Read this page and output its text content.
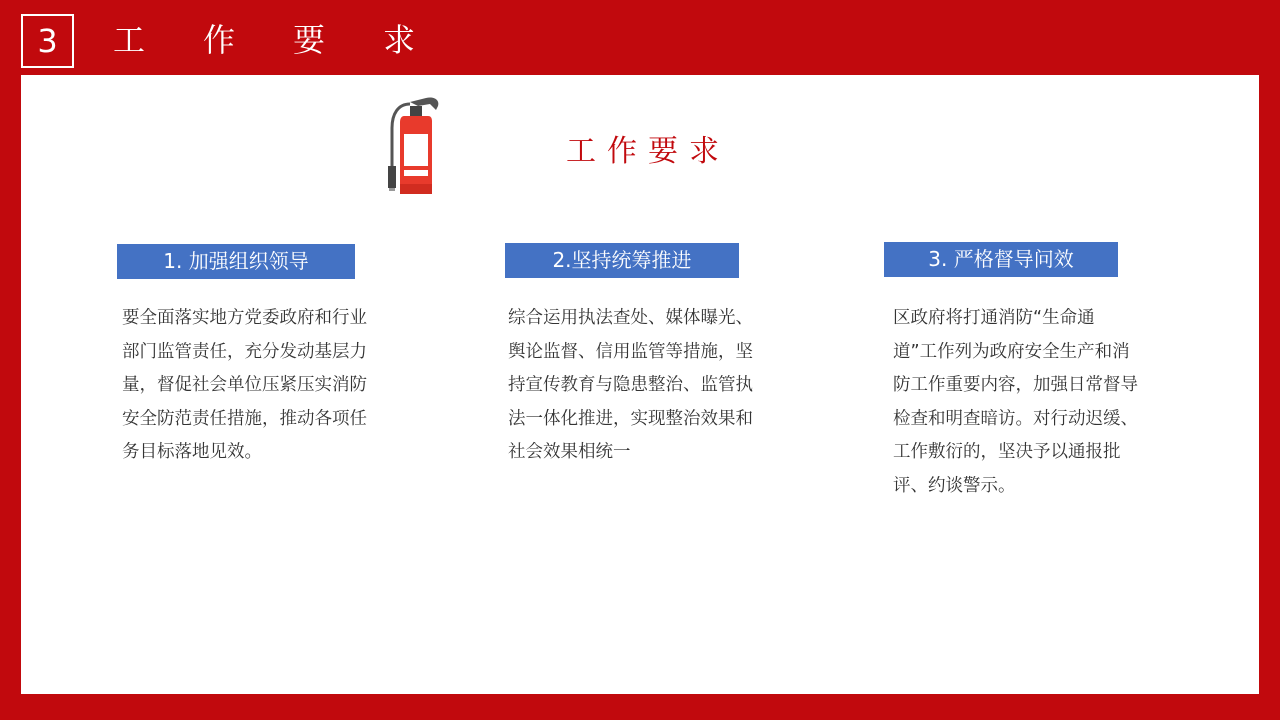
3	工作要求
工作要求
1. 加强组织领导
要全面落实地方党委政府和行业部门监管责任，充分发动基层力量，督促社会单位压紧压实消防安全防范责任措施，推动各项任务目标落地见效。
2.坚持统筹推进
综合运用执法查处、媒体曝光、舆论监督、信用监管等措施，坚持宣传教育与隐患整治、监管执法一体化推进，实现整治效果和社会效果相统一
3. 严格督导问效
区政府将打通消防“生命通道”工作列为政府安全生产和消防工作重要内容，加强日常督导检查和明查暗访。对行动迟缓、工作敷衍的，坚决予以通报批评、约谈警示。
